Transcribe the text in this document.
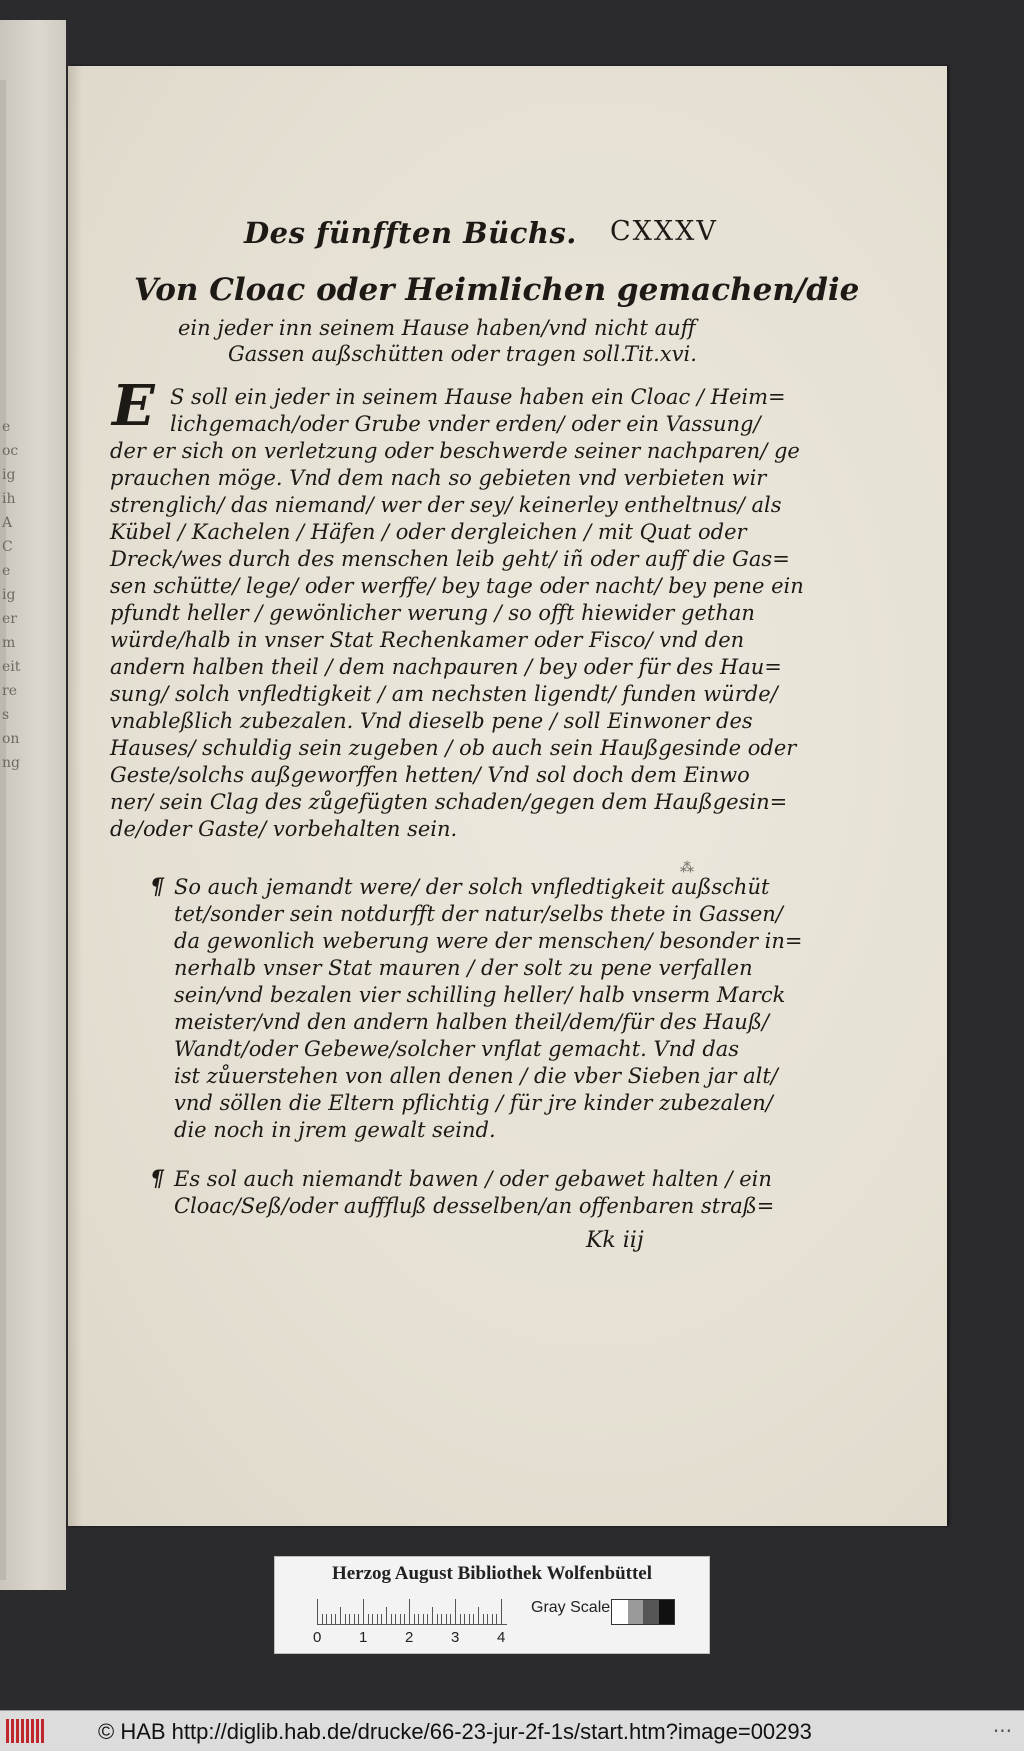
e
oc
ig
ih
A
C
e
ig
er
m
eit
re
s
on
ng
Des fünfften Büchs. CXXXV
Von Cloac oder Heimlichen gemachen/die
ein jeder inn seinem Hause haben/vnd nicht auff
Gassen außschütten oder tragen soll.
Tit.xvi.
E S soll ein jeder in seinem Hause haben ein Cloac / Heim=
lichgemach/oder Grube vnder erden/ oder ein Vassung/
der er sich on verletzung oder beschwerde seiner nachparen/ ge
prauchen möge. Vnd dem nach so gebieten vnd verbieten wir
strenglich/ das niemand/ wer der sey/ keinerley entheltnus/ als
Kübel / Kachelen / Häfen / oder dergleichen / mit Quat oder
Dreck/wes durch des menschen leib geht/ iñ oder auff die Gas=
sen schütte/ lege/ oder werffe/ bey tage oder nacht/ bey pene ein
pfundt heller / gewönlicher werung / so offt hiewider gethan
würde/halb in vnser Stat Rechenkamer oder Fisco/ vnd den
andern halben theil / dem nachpauren / bey oder für des Hau=
sung/ solch vnfledtigkeit / am nechsten ligendt/ funden würde/
vnableßlich zubezalen. Vnd dieselb pene / soll Einwoner des
Hauses/ schuldig sein zugeben / ob auch sein Haußgesinde oder
Geste/solchs außgeworffen hetten/ Vnd sol doch dem Einwo
ner/ sein Clag des zůgefügten schaden/gegen dem Haußgesin=
de/oder Gaste/ vorbehalten sein.
⁂
¶ So auch jemandt were/ der solch vnfledtigkeit außschüt
tet/sonder sein notdurfft der natur/selbs thete in Gassen/
da gewonlich weberung were der menschen/ besonder in=
nerhalb vnser Stat mauren / der solt zu pene verfallen
sein/vnd bezalen vier schilling heller/ halb vnserm Marck
meister/vnd den andern halben theil/dem/für des Hauß/
Wandt/oder Gebewe/solcher vnflat gemacht. Vnd das
ist zůuerstehen von allen denen / die vber Sieben jar alt/
vnd söllen die Eltern pflichtig / für jre kinder zubezalen/
die noch in jrem gewalt seind.
¶ Es sol auch niemandt bawen / oder gebawet halten / ein
Cloac/Seß/oder aufffluß desselben/an offenbaren straß=
Kk iij
Herzog August Bibliothek Wolfenbüttel
0	1	2	3	4
Gray Scale
© HAB http://diglib.hab.de/drucke/66-23-jur-2f-1s/start.htm?image=00293	···
